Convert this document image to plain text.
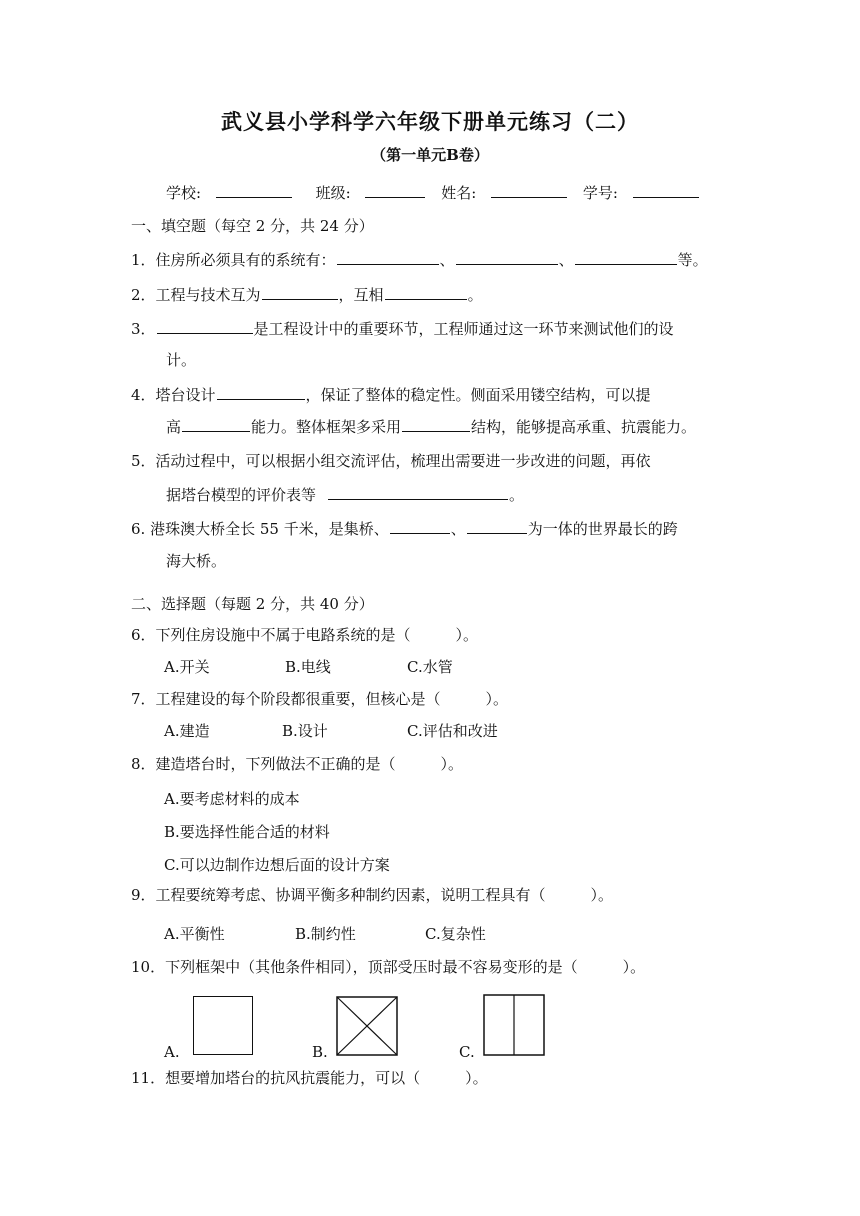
武义县小学科学六年级下册单元练习（二）
（第一单元B卷）
学校:	班级:	姓名:	学号:
一、填空题（每空 2 分，共 24 分）
1．住房所必须具有的系统有：	、	、	等。
2．工程与技术互为	，互相	。
3．	是工程设计中的重要环节，工程师通过这一环节来测试他们的设
计。
4．塔台设计	，保证了整体的稳定性。侧面采用镂空结构，可以提
高	能力。整体框架多采用	结构，能够提高承重、抗震能力。
5．活动过程中，可以根据小组交流评估，梳理出需要进一步改进的问题，再依
据塔台模型的评价表等	。
6. 港珠澳大桥全长 55 千米，是集桥、	、	为一体的世界最长的跨
海大桥。
二、选择题（每题 2 分，共 40 分）
6．下列住房设施中不属于电路系统的是（　　　）。
A.开关	B.电线	C.水管
7．工程建设的每个阶段都很重要，但核心是（　　　）。
A.建造	B.设计	C.评估和改进
8．建造塔台时，下列做法不正确的是（　　　）。
A.要考虑材料的成本
B.要选择性能合适的材料
C.可以边制作边想后面的设计方案
9．工程要统筹考虑、协调平衡多种制约因素，说明工程具有（　　　）。
A.平衡性	B.制约性	C.复杂性
10．下列框架中（其他条件相同），顶部受压时最不容易变形的是（　　　）。
A.	B.	C.
11．想要增加塔台的抗风抗震能力，可以（　　　）。
